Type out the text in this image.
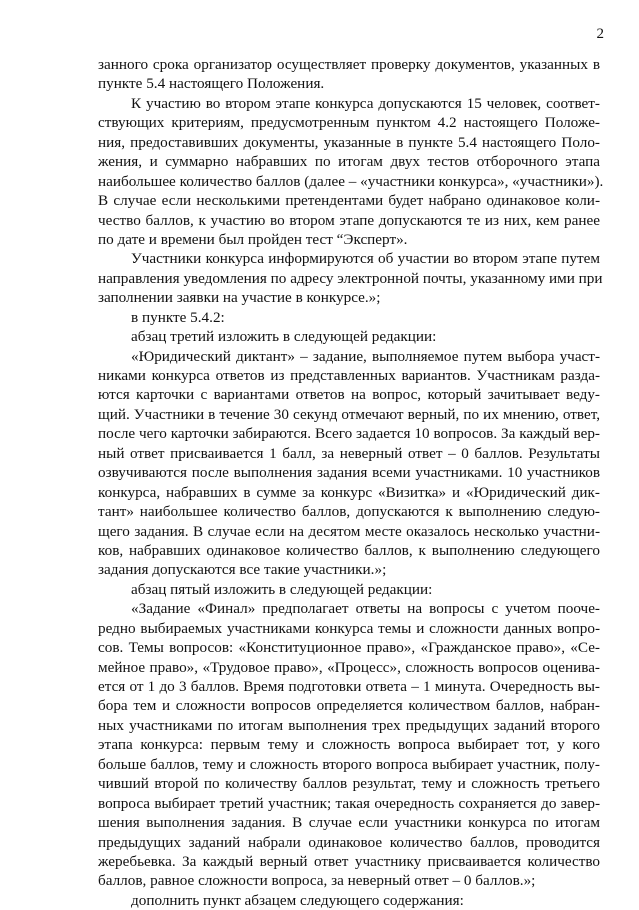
2
занного срока организатор осуществляет проверку документов, указанных в
пункте 5.4 настоящего Положения.
К участию во втором этапе конкурса допускаются 15 человек, соответ-
ствующих критериям, предусмотренным пунктом 4.2 настоящего Положе-
ния, предоставивших документы, указанные в пункте 5.4 настоящего Поло-
жения, и суммарно набравших по итогам двух тестов отборочного этапа
наибольшее количество баллов (далее – «участники конкурса», «участники»).
В случае если несколькими претендентами будет набрано одинаковое коли-
чество баллов, к участию во втором этапе допускаются те из них, кем ранее
по дате и времени был пройден тест “Эксперт».
Участники конкурса информируются об участии во втором этапе путем
направления уведомления по адресу электронной почты, указанному ими при
заполнении заявки на участие в конкурсе.»;
в пункте 5.4.2:
абзац третий изложить в следующей редакции:
«Юридический диктант» – задание, выполняемое путем выбора участ-
никами конкурса ответов из представленных вариантов. Участникам разда-
ются карточки с вариантами ответов на вопрос, который зачитывает веду-
щий. Участники в течение 30 секунд отмечают верный, по их мнению, ответ,
после чего карточки забираются. Всего задается 10 вопросов. За каждый вер-
ный ответ присваивается 1 балл, за неверный ответ – 0 баллов. Результаты
озвучиваются после выполнения задания всеми участниками. 10 участников
конкурса, набравших в сумме за конкурс «Визитка» и «Юридический дик-
тант» наибольшее количество баллов, допускаются к выполнению следую-
щего задания. В случае если на десятом месте оказалось несколько участни-
ков, набравших одинаковое количество баллов, к выполнению следующего
задания допускаются все такие участники.»;
абзац пятый изложить в следующей редакции:
«Задание «Финал» предполагает ответы на вопросы с учетом пооче-
редно выбираемых участниками конкурса темы и сложности данных вопро-
сов. Темы вопросов: «Конституционное право», «Гражданское право», «Се-
мейное право», «Трудовое право», «Процесс», сложность вопросов оценива-
ется от 1 до 3 баллов. Время подготовки ответа – 1 минута. Очередность вы-
бора тем и сложности вопросов определяется количеством баллов, набран-
ных участниками по итогам выполнения трех предыдущих заданий второго
этапа конкурса: первым тему и сложность вопроса выбирает тот, у кого
больше баллов, тему и сложность второго вопроса выбирает участник, полу-
чивший второй по количеству баллов результат, тему и сложность третьего
вопроса выбирает третий участник; такая очередность сохраняется до завер-
шения выполнения задания. В случае если участники конкурса по итогам
предыдущих заданий набрали одинаковое количество баллов, проводится
жеребьевка. За каждый верный ответ участнику присваивается количество
баллов, равное сложности вопроса, за неверный ответ – 0 баллов.»;
дополнить пункт абзацем следующего содержания:
